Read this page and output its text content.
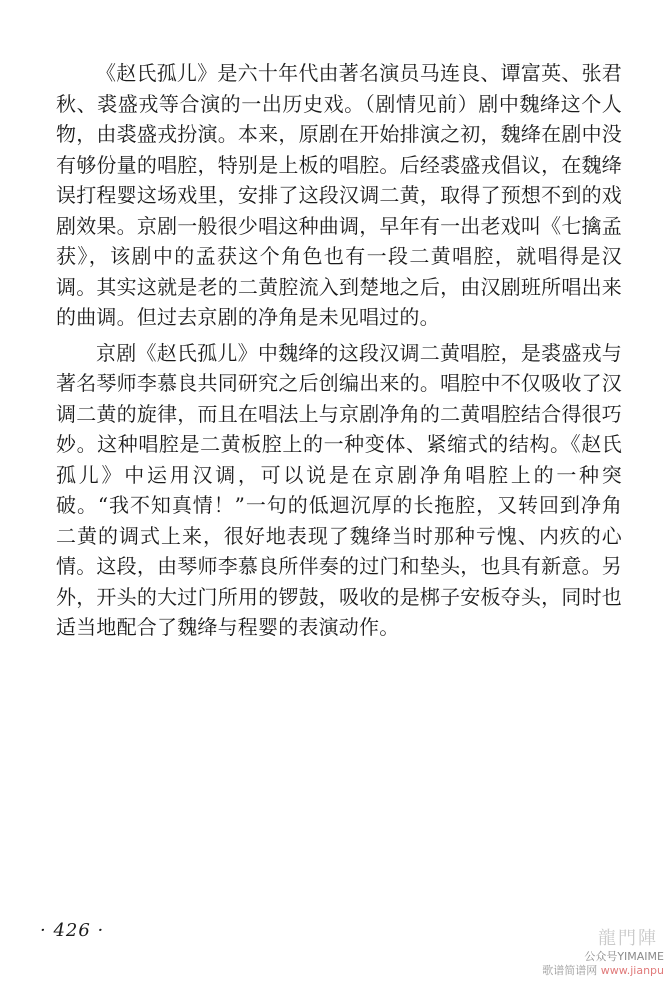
《赵氏孤儿》是六十年代由著名演员马连良、谭富英、张君秋、裘盛戎等合演的一出历史戏。（剧情见前）剧中魏绛这个人物，由裘盛戎扮演。本来，原剧在开始排演之初，魏绛在剧中没有够份量的唱腔，特别是上板的唱腔。后经裘盛戎倡议，在魏绛误打程婴这场戏里，安排了这段汉调二黄，取得了预想不到的戏剧效果。京剧一般很少唱这种曲调，早年有一出老戏叫《七擒孟获》，该剧中的孟获这个角色也有一段二黄唱腔，就唱得是汉调。其实这就是老的二黄腔流入到楚地之后，由汉剧班所唱出来的曲调。但过去京剧的净角是未见唱过的。

京剧《赵氏孤儿》中魏绛的这段汉调二黄唱腔，是裘盛戎与著名琴师李慕良共同研究之后创编出来的。唱腔中不仅吸收了汉调二黄的旋律，而且在唱法上与京剧净角的二黄唱腔结合得很巧妙。这种唱腔是二黄板腔上的一种变体、紧缩式的结构。《赵氏孤儿》中运用汉调，可以说是在京剧净角唱腔上的一种突破。“我不知真情！”一句的低迴沉厚的长拖腔，又转回到净角二黄的调式上来，很好地表现了魏绛当时那种亏愧、内疚的心情。这段，由琴师李慕良所伴奏的过门和垫头，也具有新意。另外，开头的大过门所用的锣鼓，吸收的是梆子安板夺头，同时也适当地配合了魏绛与程婴的表演动作。

· 426 ·	龍門陣
公众号YIMAIME
歌谱简谱网 www.jianpu
